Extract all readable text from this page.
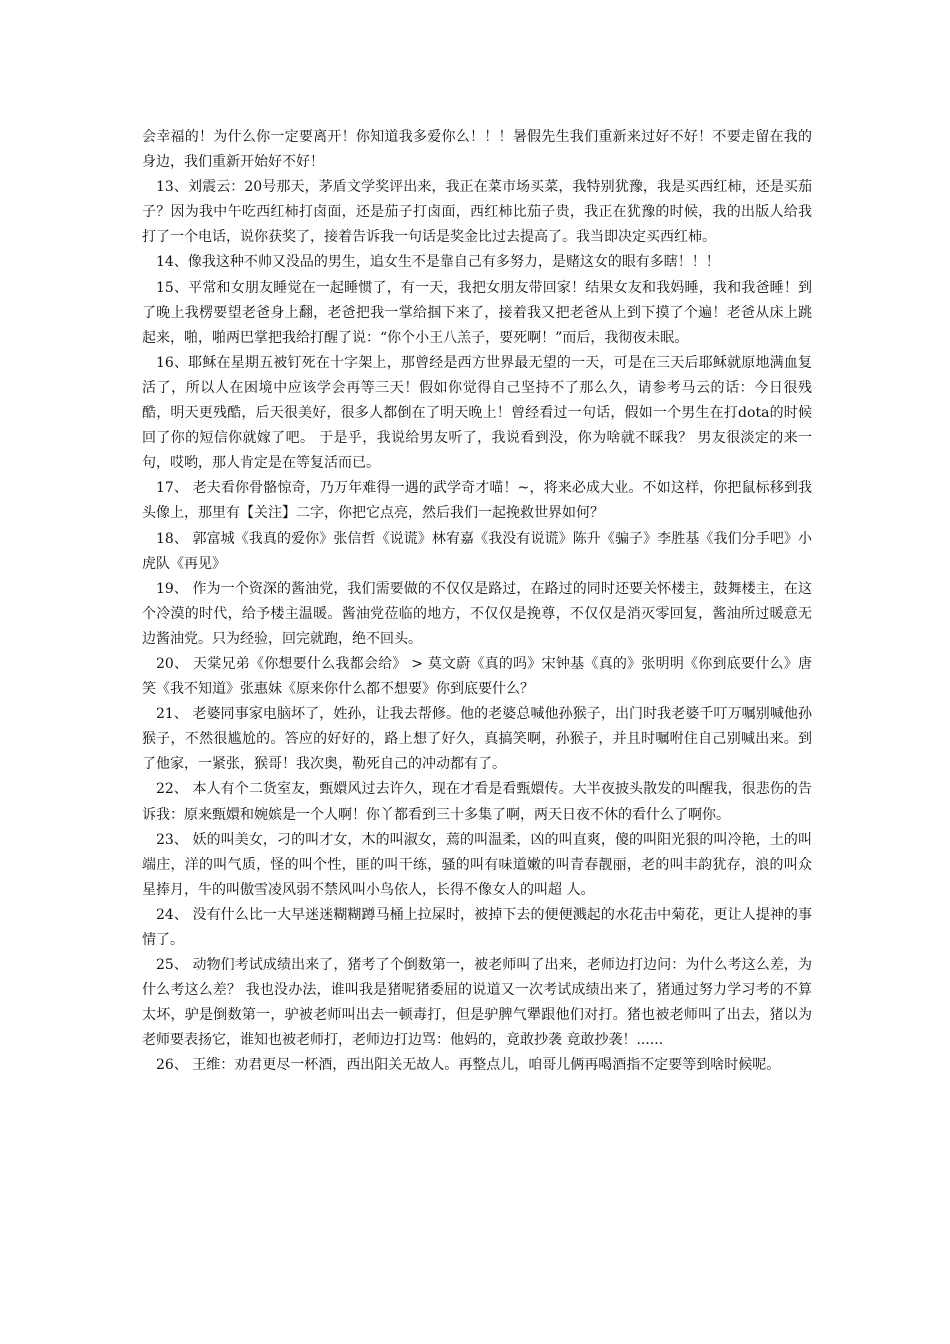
会幸福的！为什么你一定要离开！你知道我多爱你么！！！暑假先生我们重新来过好不好！不要走留在我的身边，我们重新开始好不好！

13、刘震云：20号那天，茅盾文学奖评出来，我正在菜市场买菜，我特别犹豫，我是买西红柿，还是买茄子？因为我中午吃西红柿打卤面，还是茄子打卤面，西红柿比茄子贵，我正在犹豫的时候，我的出版人给我打了一个电话，说你获奖了，接着告诉我一句话是奖金比过去提高了。我当即决定买西红柿。

14、像我这种不帅又没品的男生，追女生不是靠自己有多努力，是赌这女的眼有多瞎！！！

15、平常和女朋友睡觉在一起睡惯了，有一天，我把女朋友带回家！结果女友和我妈睡，我和我爸睡！到了晚上我楞要望老爸身上翻，老爸把我一掌给掴下来了，接着我又把老爸从上到下摸了个遍！老爸从床上跳起来，啪，啪两巴掌把我给打醒了说：“你个小王八羔子，要死啊！”而后，我彻夜未眠。

16、耶稣在星期五被钉死在十字架上，那曾经是西方世界最无望的一天，可是在三天后耶稣就原地满血复活了，所以人在困境中应该学会再等三天！假如你觉得自己坚持不了那么久，请参考马云的话：今日很残酷，明天更残酷，后天很美好，很多人都倒在了明天晚上！曾经看过一句话，假如一个男生在打dota的时候回了你的短信你就嫁了吧。 于是乎，我说给男友听了，我说看到没，你为啥就不睬我？ 男友很淡定的来一句，哎哟，那人肯定是在等复活而已。

17、 老夫看你骨骼惊奇，乃万年难得一遇的武学奇才喵！~，将来必成大业。不如这样，你把鼠标移到我头像上，那里有【关注】二字，你把它点亮，然后我们一起挽救世界如何？

18、 郭富城《我真的爱你》张信哲《说谎》林宥嘉《我没有说谎》陈升《骗子》李胜基《我们分手吧》小虎队《再见》

19、 作为一个资深的酱油党，我们需要做的不仅仅是路过，在路过的同时还要关怀楼主，鼓舞楼主，在这个冷漠的时代，给予楼主温暖。酱油党莅临的地方，不仅仅是挽尊，不仅仅是消灭零回复，酱油所过暖意无边酱油党。只为经验，回完就跑，绝不回头。

20、 天棠兄弟《你想要什么我都会给》 > 莫文蔚《真的吗》宋钟基《真的》张明明《你到底要什么》唐笑《我不知道》张惠妹《原来你什么都不想要》你到底要什么？

21、 老婆同事家电脑坏了，姓孙，让我去帮修。他的老婆总喊他孙猴子，出门时我老婆千叮万嘱别喊他孙猴子，不然很尴尬的。答应的好好的，路上想了好久，真搞笑啊，孙猴子，并且时嘱咐住自己别喊出来。到了他家，一紧张，猴哥！我次奥，勒死自己的冲动都有了。

22、 本人有个二货室友，甄嬛风过去许久，现在才看是看甄嬛传。大半夜披头散发的叫醒我，很悲伤的告诉我：原来甄嬛和婉嫔是一个人啊！你丫都看到三十多集了啊，两天日夜不休的看什么了啊你。

23、 妖的叫美女，刁的叫才女，木的叫淑女，蔫的叫温柔，凶的叫直爽，傻的叫阳光狠的叫冷艳，土的叫端庄，洋的叫气质，怪的叫个性，匪的叫干练，骚的叫有味道嫩的叫青春靓丽，老的叫丰韵犹存，浪的叫众星捧月，牛的叫傲雪凌风弱不禁风叫小鸟依人，长得不像女人的叫超 人。

24、 没有什么比一大早迷迷糊糊蹲马桶上拉屎时，被掉下去的便便溅起的水花击中菊花，更让人提神的事情了。

25、 动物们考试成绩出来了，猪考了个倒数第一，被老师叫了出来，老师边打边问：为什么考这么差，为什么考这么差？ 我也没办法，谁叫我是猪呢猪委屈的说道又一次考试成绩出来了，猪通过努力学习考的不算太坏，驴是倒数第一，驴被老师叫出去一顿毒打，但是驴脾气犟跟他们对打。猪也被老师叫了出去，猪以为老师要表扬它，谁知也被老师打，老师边打边骂：他妈的，竟敢抄袭 竟敢抄袭！......

26、 王维：劝君更尽一杯酒，西出阳关无故人。再整点儿，咱哥儿俩再喝酒指不定要等到啥时候呢。
